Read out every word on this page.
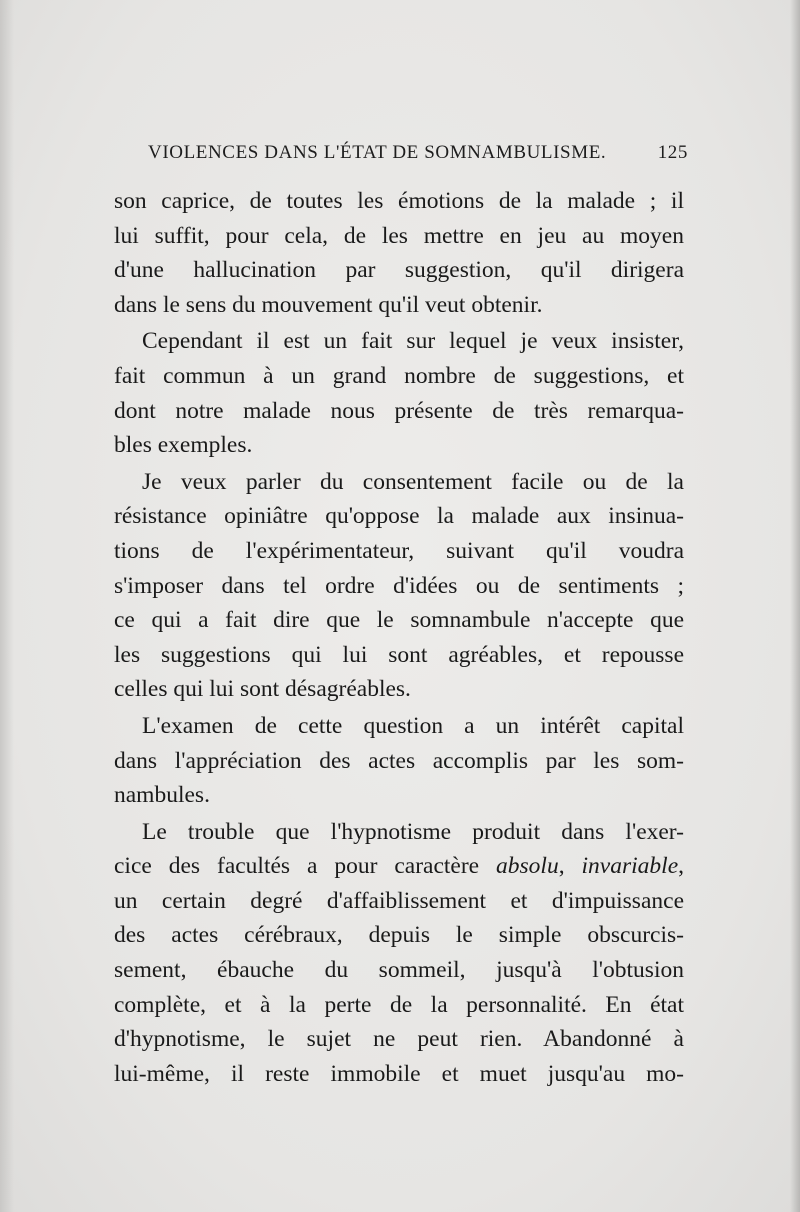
VIOLENCES DANS L'ÉTAT DE SOMNAMBULISME.	125
son caprice, de toutes les émotions de la malade ; il
lui suffit, pour cela, de les mettre en jeu au moyen
d'une hallucination par suggestion, qu'il dirigera
dans le sens du mouvement qu'il veut obtenir.
Cependant il est un fait sur lequel je veux insister,
fait commun à un grand nombre de suggestions, et
dont notre malade nous présente de très remarqua-
bles exemples.
Je veux parler du consentement facile ou de la
résistance opiniâtre qu'oppose la malade aux insinua-
tions de l'expérimentateur, suivant qu'il voudra
s'imposer dans tel ordre d'idées ou de sentiments ;
ce qui a fait dire que le somnambule n'accepte que
les suggestions qui lui sont agréables, et repousse
celles qui lui sont désagréables.
L'examen de cette question a un intérêt capital
dans l'appréciation des actes accomplis par les som-
nambules.
Le trouble que l'hypnotisme produit dans l'exer-
cice des facultés a pour caractère absolu, invariable,
un certain degré d'affaiblissement et d'impuissance
des actes cérébraux, depuis le simple obscurcis-
sement, ébauche du sommeil, jusqu'à l'obtusion
complète, et à la perte de la personnalité. En état
d'hypnotisme, le sujet ne peut rien. Abandonné à
lui-même, il reste immobile et muet jusqu'au mo-
